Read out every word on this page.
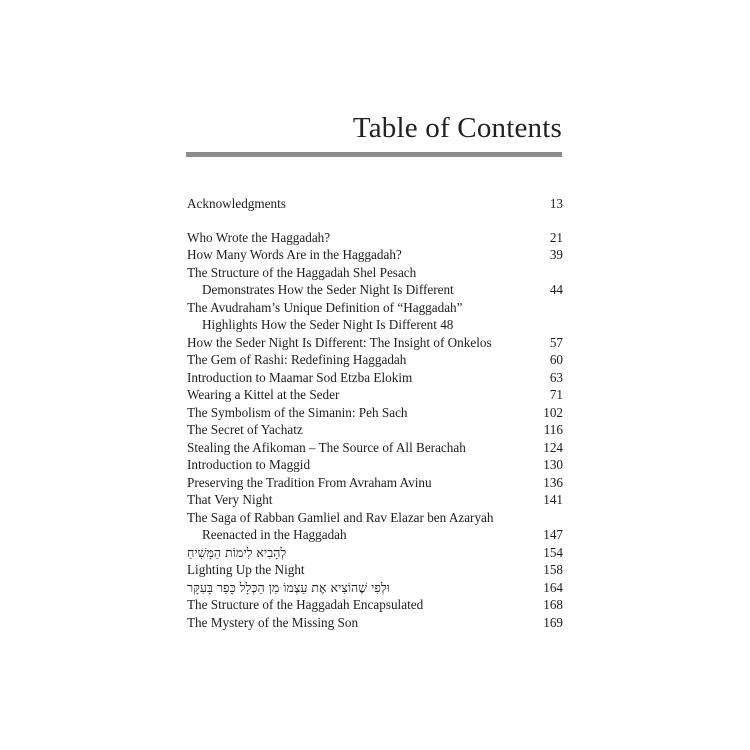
Table of Contents
Acknowledgments	13
Who Wrote the Haggadah?	21
How Many Words Are in the Haggadah?	39
The Structure of the Haggadah Shel Pesach
Demonstrates How the Seder Night Is Different	44
The Avudraham’s Unique Definition of “Haggadah”
Highlights How the Seder Night Is Different 48
How the Seder Night Is Different: The Insight of Onkelos	57
The Gem of Rashi: Redefining Haggadah	60
Introduction to Maamar Sod Etzba Elokim	63
Wearing a Kittel at the Seder	71
The Symbolism of the Simanin: Peh Sach	102
The Secret of Yachatz	116
Stealing the Afikoman – The Source of All Berachah	124
Introduction to Maggid	130
Preserving the Tradition From Avraham Avinu	136
That Very Night	141
The Saga of Rabban Gamliel and Rav Elazar ben Azaryah
Reenacted in the Haggadah	147
לְהָבִיא לִימוֹת הַמָּשִׁיחַ	154
Lighting Up the Night	158
וּלְפִי שֶׁהוֹצִיא אֶת עַצְמוֹ מִן הַכְּלָל כָּפַר בָּעִקָּר	164
The Structure of the Haggadah Encapsulated	168
The Mystery of the Missing Son	169
